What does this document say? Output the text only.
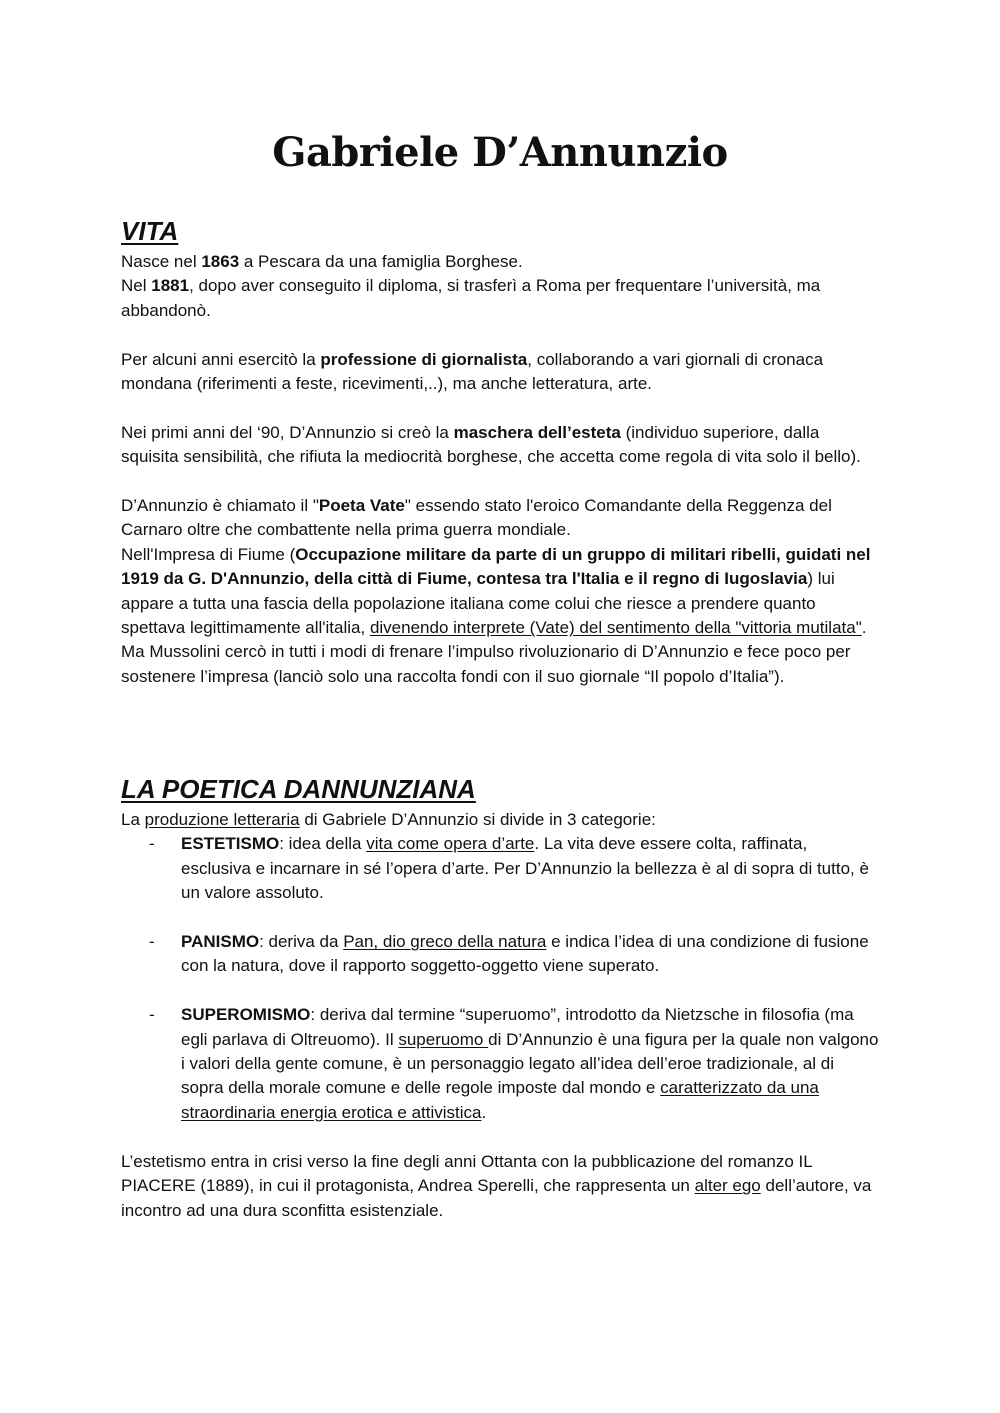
Gabriele D’Annunzio
VITA

Nasce nel 1863 a Pescara da una famiglia Borghese.

Nel 1881, dopo aver conseguito il diploma, si trasferì a Roma per frequentare l’università, ma abbandonò.

Per alcuni anni esercitò la professione di giornalista, collaborando a vari giornali di cronaca mondana (riferimenti a feste, ricevimenti,..), ma anche letteratura, arte.

Nei primi anni del ‘90, D’Annunzio si creò la maschera dell’esteta (individuo superiore, dalla squisita sensibilità, che rifiuta la mediocrità borghese, che accetta come regola di vita solo il bello).

D’Annunzio è chiamato il "Poeta Vate" essendo stato l'eroico Comandante della Reggenza del Carnaro oltre che combattente nella prima guerra mondiale.

Nell'Impresa di Fiume (Occupazione militare da parte di un gruppo di militari ribelli, guidati nel 1919 da G. D'Annunzio, della città di Fiume, contesa tra l'Italia e il regno di Iugoslavia) lui appare a tutta una fascia della popolazione italiana come colui che riesce a prendere quanto spettava legittimamente all'italia, divenendo interprete (Vate) del sentimento della "vittoria mutilata". Ma Mussolini cercò in tutti i modi di frenare l’impulso rivoluzionario di D’Annunzio e fece poco per sostenere l’impresa (lanciò solo una raccolta fondi con il suo giornale “Il popolo d’Italia”).

LA POETICA DANNUNZIANA

La produzione letteraria di Gabriele D’Annunzio si divide in 3 categorie:

- ESTETISMO: idea della vita come opera d’arte. La vita deve essere colta, raffinata, esclusiva e incarnare in sé l’opera d’arte. Per D’Annunzio la bellezza è al di sopra di tutto, è un valore assoluto.
- PANISMO: deriva da Pan, dio greco della natura e indica l’idea di una condizione di fusione con la natura, dove il rapporto soggetto-oggetto viene superato.
- SUPEROMISMO: deriva dal termine “superuomo”, introdotto da Nietzsche in filosofia (ma egli parlava di Oltreuomo). Il superuomo di D’Annunzio è una figura per la quale non valgono i valori della gente comune, è un personaggio legato all’idea dell’eroe tradizionale, al di sopra della morale comune e delle regole imposte dal mondo e caratterizzato da una straordinaria energia erotica e attivistica.

L’estetismo entra in crisi verso la fine degli anni Ottanta con la pubblicazione del romanzo IL PIACERE (1889), in cui il protagonista, Andrea Sperelli, che rappresenta un alter ego dell’autore, va incontro ad una dura sconfitta esistenziale.
